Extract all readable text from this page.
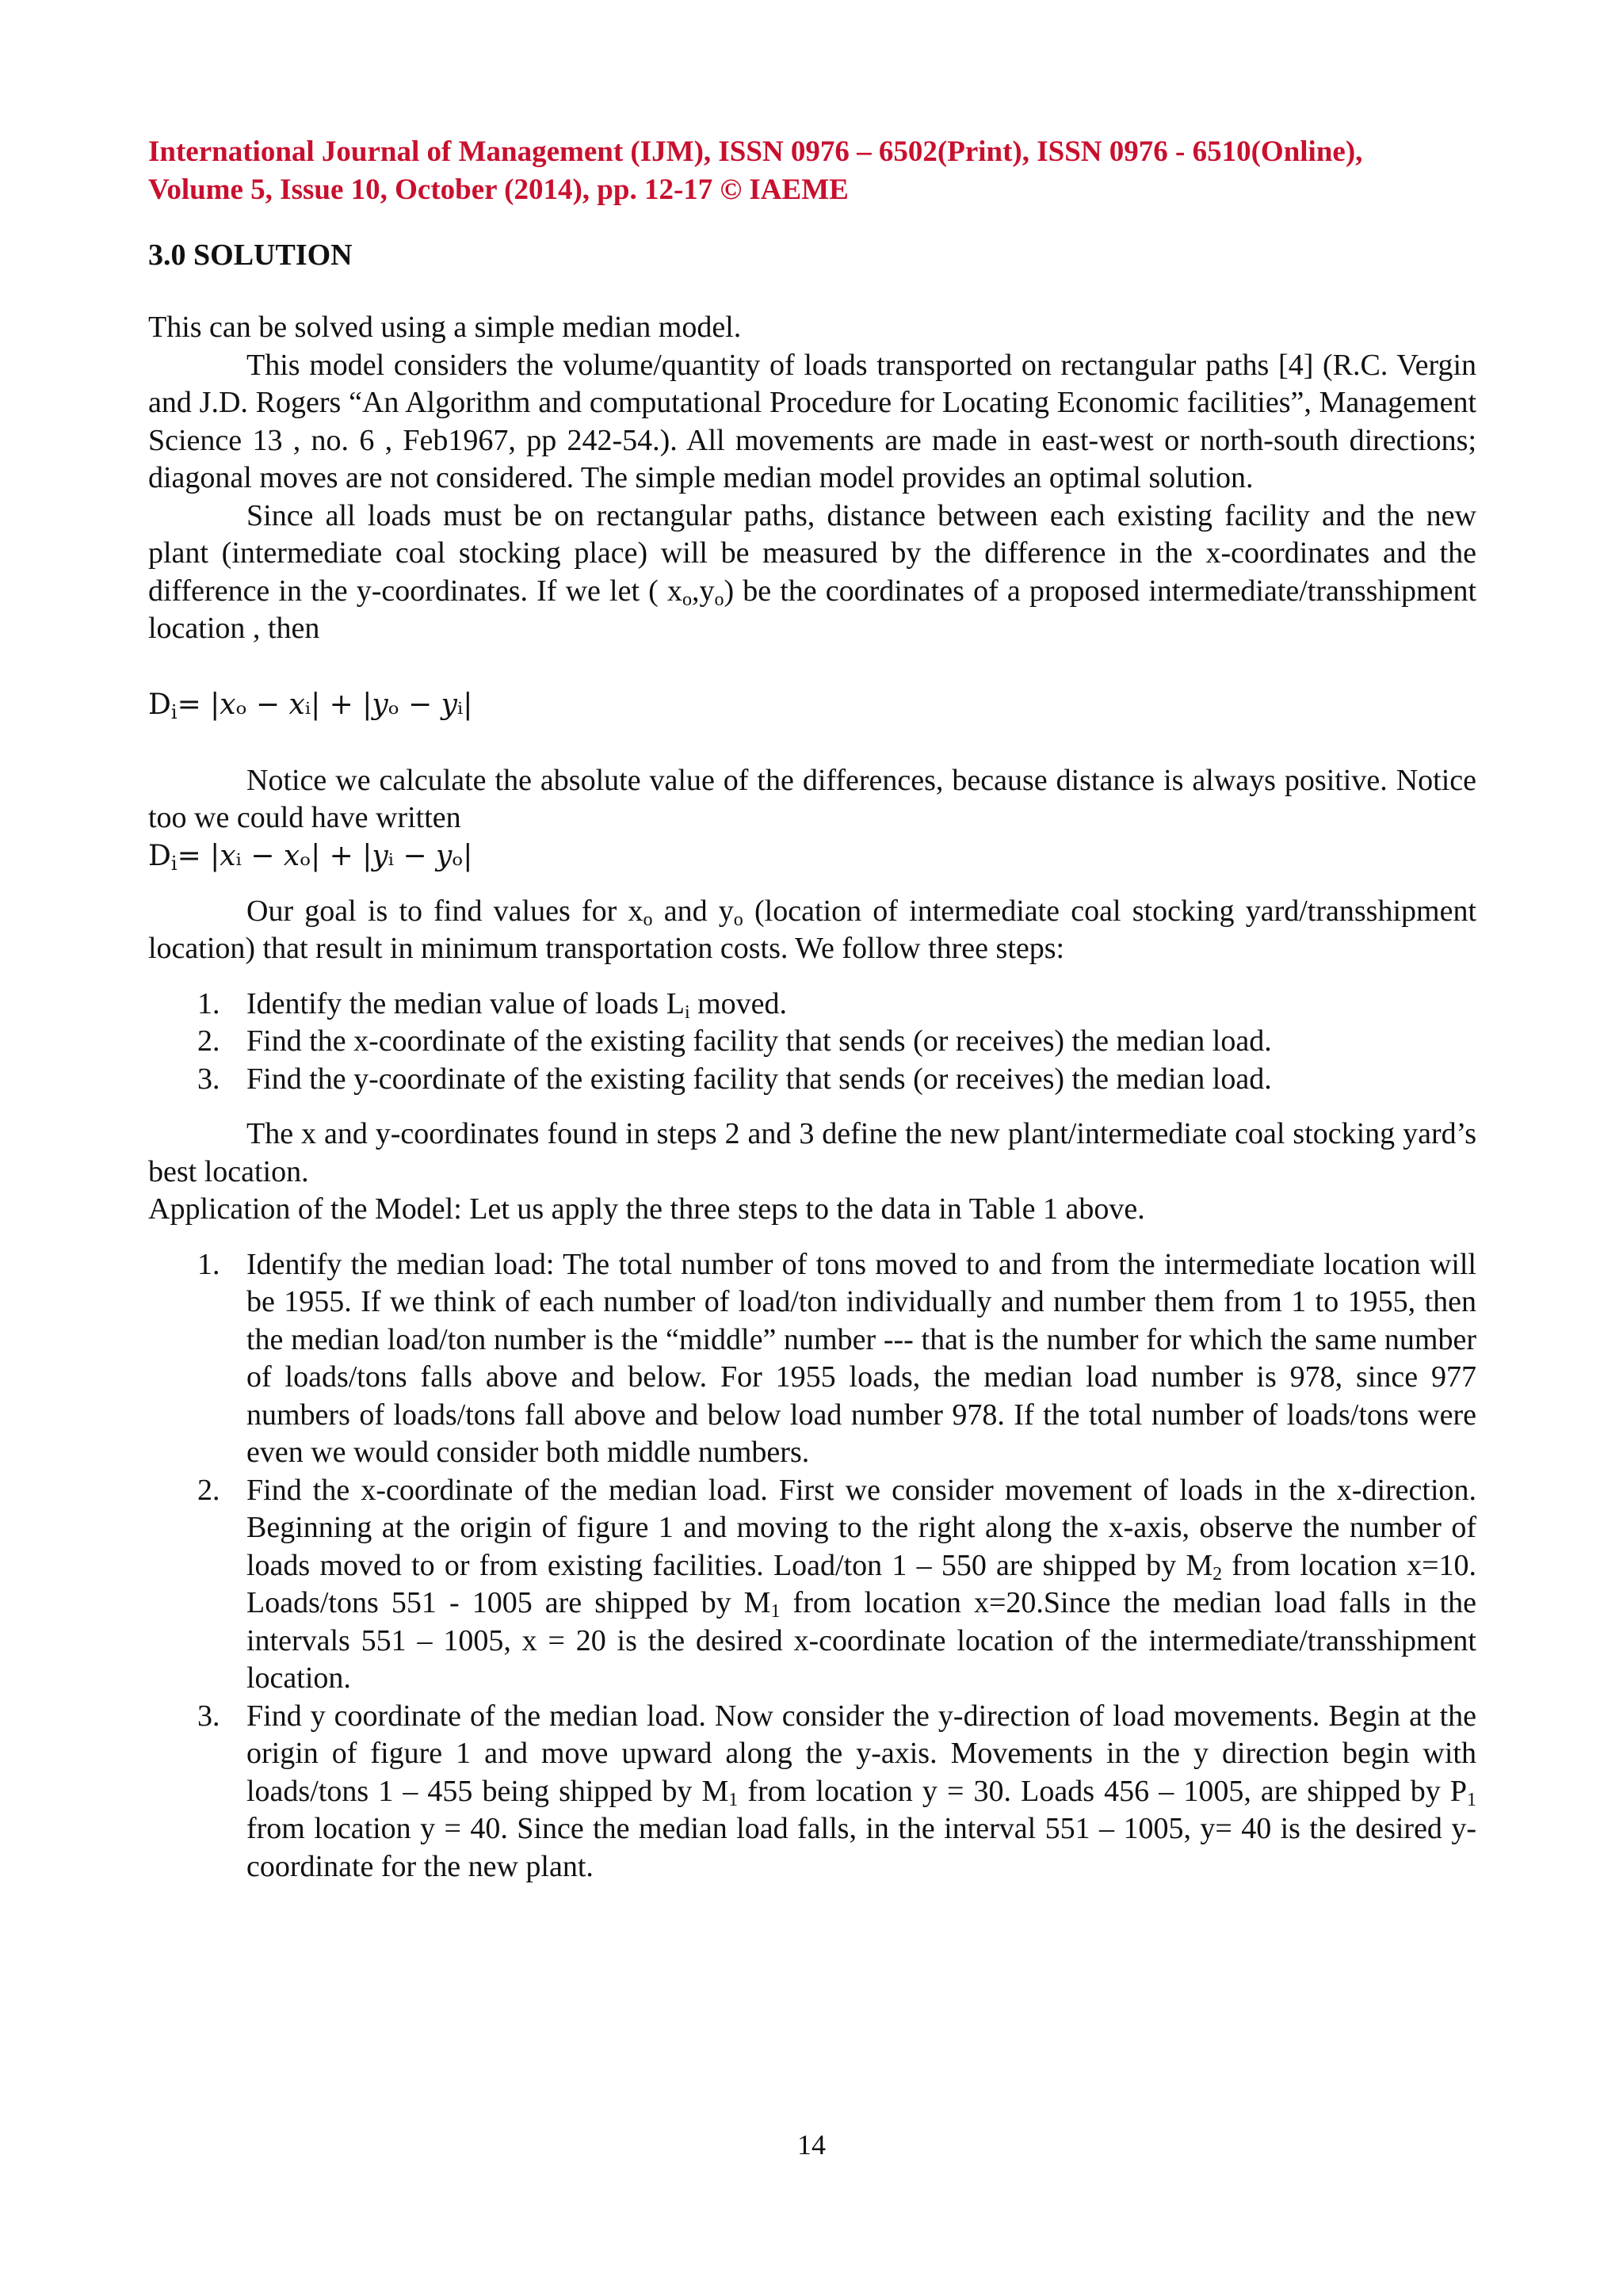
International Journal of Management (IJM), ISSN 0976 – 6502(Print), ISSN 0976 - 6510(Online),
Volume 5, Issue 10, October (2014), pp. 12-17 © IAEME
3.0 SOLUTION

This can be solved using a simple median model.

This model considers the volume/quantity of loads transported on rectangular paths [4] (R.C. Vergin and J.D. Rogers “An Algorithm and computational Procedure for Locating Economic facilities”, Management Science 13 , no. 6 , Feb1967, pp 242-54.). All movements are made in east-west or north-south directions; diagonal moves are not considered. The simple median model provides an optimal solution.

Since all loads must be on rectangular paths, distance between each existing facility and the new plant (intermediate coal stocking place) will be measured by the difference in the x-coordinates and the difference in the y-coordinates. If we let ( $x_o,y_o$) be the coordinates of a proposed intermediate/transshipment location , then

$D_i=$ |𝑥ₒ − 𝑥ᵢ| + |𝑦ₒ − 𝑦ᵢ|

Notice we calculate the absolute value of the differences, because distance is always positive. Notice too we could have written

$D_i=$ |𝑥ᵢ − 𝑥ₒ| + |𝑦ᵢ − 𝑦ₒ|

Our goal is to find values for $x_o$ and $y_o$ (location of intermediate coal stocking yard/transshipment location) that result in minimum transportation costs. We follow three steps:

1. Identify the median value of loads $L_i$ moved.
2. Find the x-coordinate of the existing facility that sends (or receives) the median load.
3. Find the y-coordinate of the existing facility that sends (or receives) the median load.

The x and y-coordinates found in steps 2 and 3 define the new plant/intermediate coal stocking yard’s best location.

Application of the Model: Let us apply the three steps to the data in Table 1 above.

1. Identify the median load: The total number of tons moved to and from the intermediate location will be 1955. If we think of each number of load/ton individually and number them from 1 to 1955, then the median load/ton number is the “middle” number --- that is the number for which the same number of loads/tons falls above and below. For 1955 loads, the median load number is 978, since 977 numbers of loads/tons fall above and below load number 978. If the total number of loads/tons were even we would consider both middle numbers.
2. Find the x-coordinate of the median load. First we consider movement of loads in the x-direction. Beginning at the origin of figure 1 and moving to the right along the x-axis, observe the number of loads moved to or from existing facilities. Load/ton 1 – 550 are shipped by $M_2$ from location x=10. Loads/tons 551 - 1005 are shipped by $M_1$ from location x=20.Since the median load falls in the intervals 551 – 1005, x = 20 is the desired x-coordinate location of the intermediate/transshipment location.
3. Find y coordinate of the median load. Now consider the y-direction of load movements. Begin at the origin of figure 1 and move upward along the y-axis. Movements in the y direction begin with loads/tons 1 – 455 being shipped by $M_1$ from location y = 30. Loads 456 – 1005, are shipped by $P_1$ from location y = 40. Since the median load falls, in the interval 551 – 1005, y= 40 is the desired y-coordinate for the new plant.
14
